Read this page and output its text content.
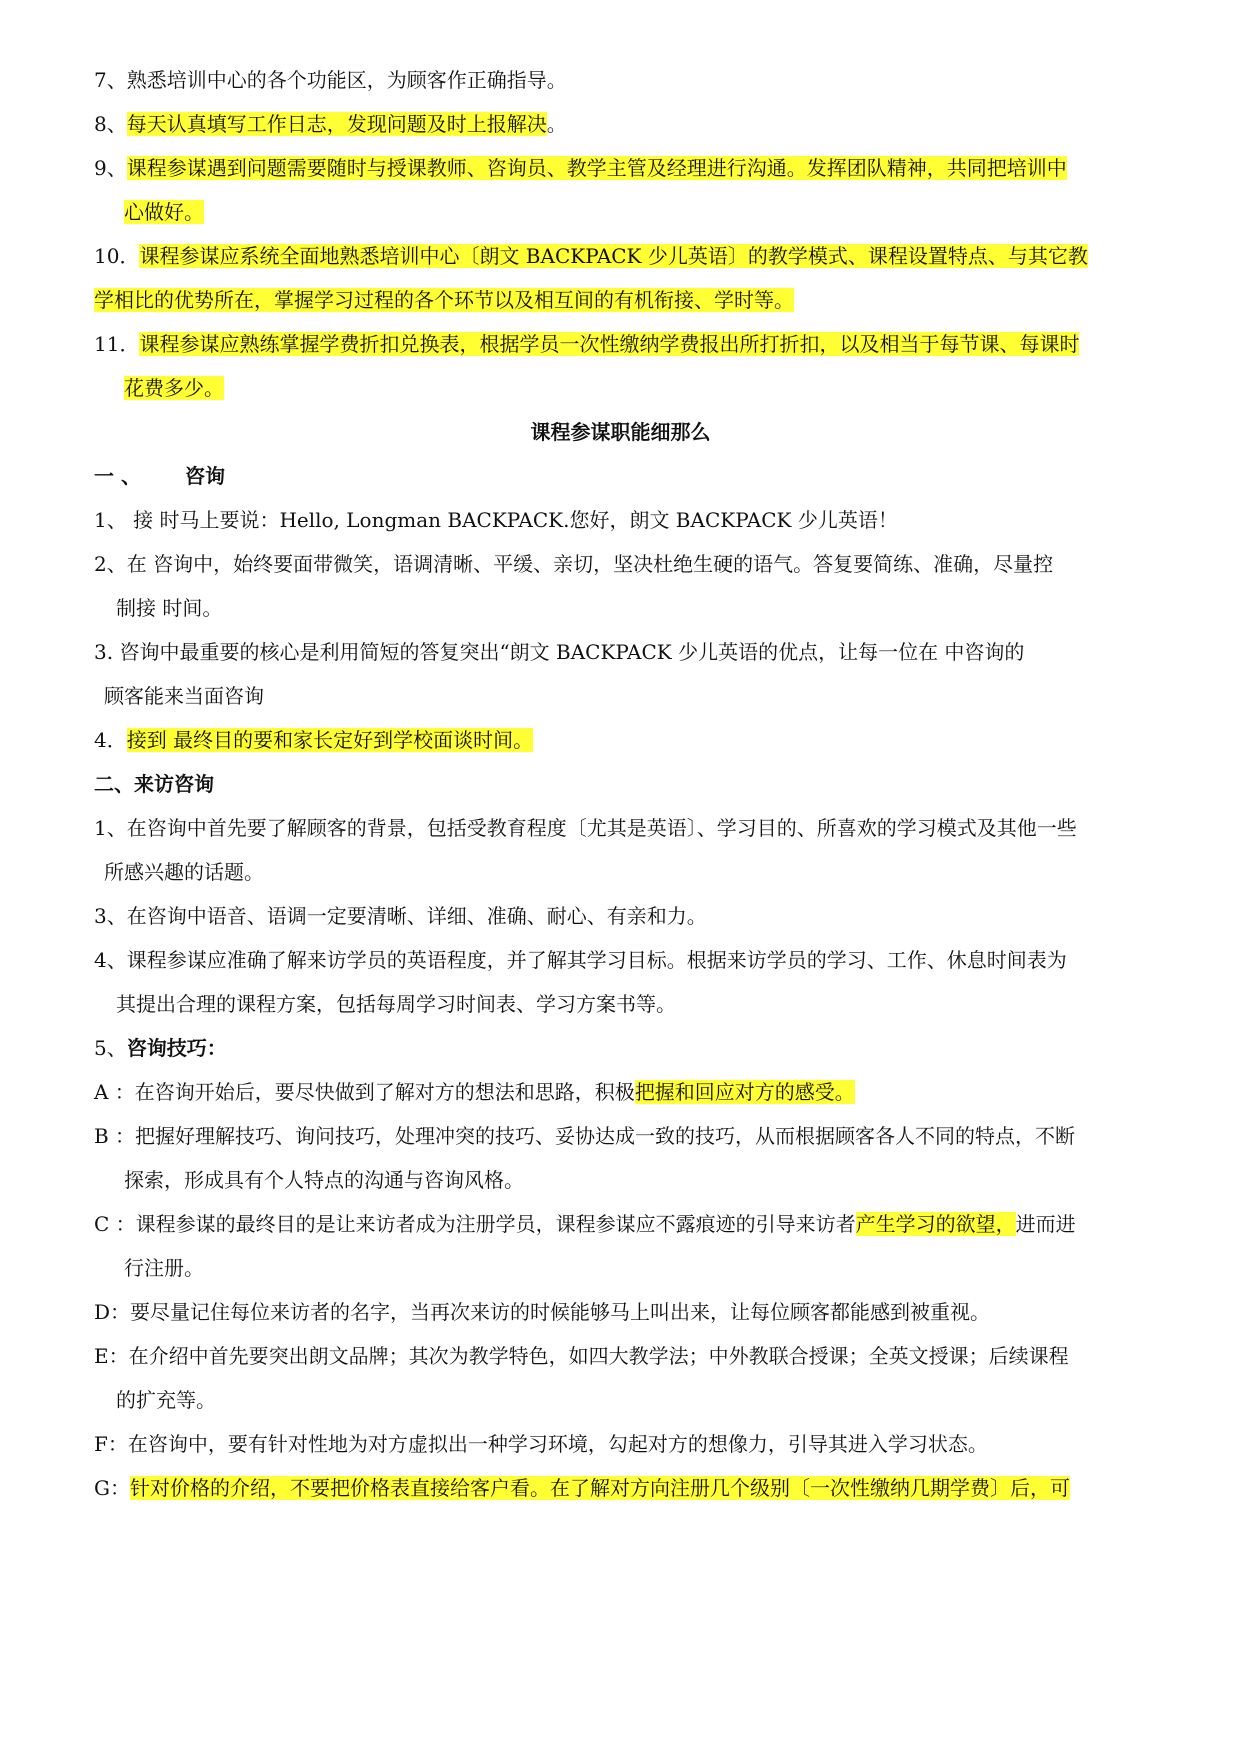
7、熟悉培训中心的各个功能区，为顾客作正确指导。
8、每天认真填写工作日志，发现问题及时上报解决。
9、课程参谋遇到问题需要随时与授课教师、咨询员、教学主管及经理进行沟通。发挥团队精神，共同把培训中
心做好。
10．课程参谋应系统全面地熟悉培训中心〔朗文 BACKPACK 少儿英语〕的教学模式、课程设置特点、与其它教
学相比的优势所在，掌握学习过程的各个环节以及相互间的有机衔接、学时等。
11．课程参谋应熟练掌握学费折扣兑换表，根据学员一次性缴纳学费报出所打折扣，以及相当于每节课、每课时
花费多少。
课程参谋职能细那么
一 、 咨询
1、 接 时马上要说：Hello, Longman BACKPACK.您好，朗文 BACKPACK 少儿英语！
2、在 咨询中，始终要面带微笑，语调清晰、平缓、亲切，坚决杜绝生硬的语气。答复要简练、准确，尽量控
制接 时间。
3. 咨询中最重要的核心是利用简短的答复突出“朗文 BACKPACK 少儿英语的优点，让每一位在 中咨询的
顾客能来当面咨询
4．接到 最终目的要和家长定好到学校面谈时间。
二、来访咨询
1、在咨询中首先要了解顾客的背景，包括受教育程度〔尤其是英语〕、学习目的、所喜欢的学习模式及其他一些
所感兴趣的话题。
3、在咨询中语音、语调一定要清晰、详细、准确、耐心、有亲和力。
4、课程参谋应准确了解来访学员的英语程度，并了解其学习目标。根据来访学员的学习、工作、休息时间表为
其提出合理的课程方案，包括每周学习时间表、学习方案书等。
5、咨询技巧：
A ：在咨询开始后，要尽快做到了解对方的想法和思路，积极把握和回应对方的感受。
B ：把握好理解技巧、询问技巧，处理冲突的技巧、妥协达成一致的技巧，从而根据顾客各人不同的特点，不断
探索，形成具有个人特点的沟通与咨询风格。
C ：课程参谋的最终目的是让来访者成为注册学员，课程参谋应不露痕迹的引导来访者产生学习的欲望，进而进
行注册。
D：要尽量记住每位来访者的名字，当再次来访的时候能够马上叫出来，让每位顾客都能感到被重视。
E：在介绍中首先要突出朗文品牌；其次为教学特色，如四大教学法；中外教联合授课；全英文授课；后续课程
的扩充等。
F：在咨询中，要有针对性地为对方虚拟出一种学习环境，勾起对方的想像力，引导其进入学习状态。
G：针对价格的介绍，不要把价格表直接给客户看。在了解对方向注册几个级别〔一次性缴纳几期学费〕后，可
